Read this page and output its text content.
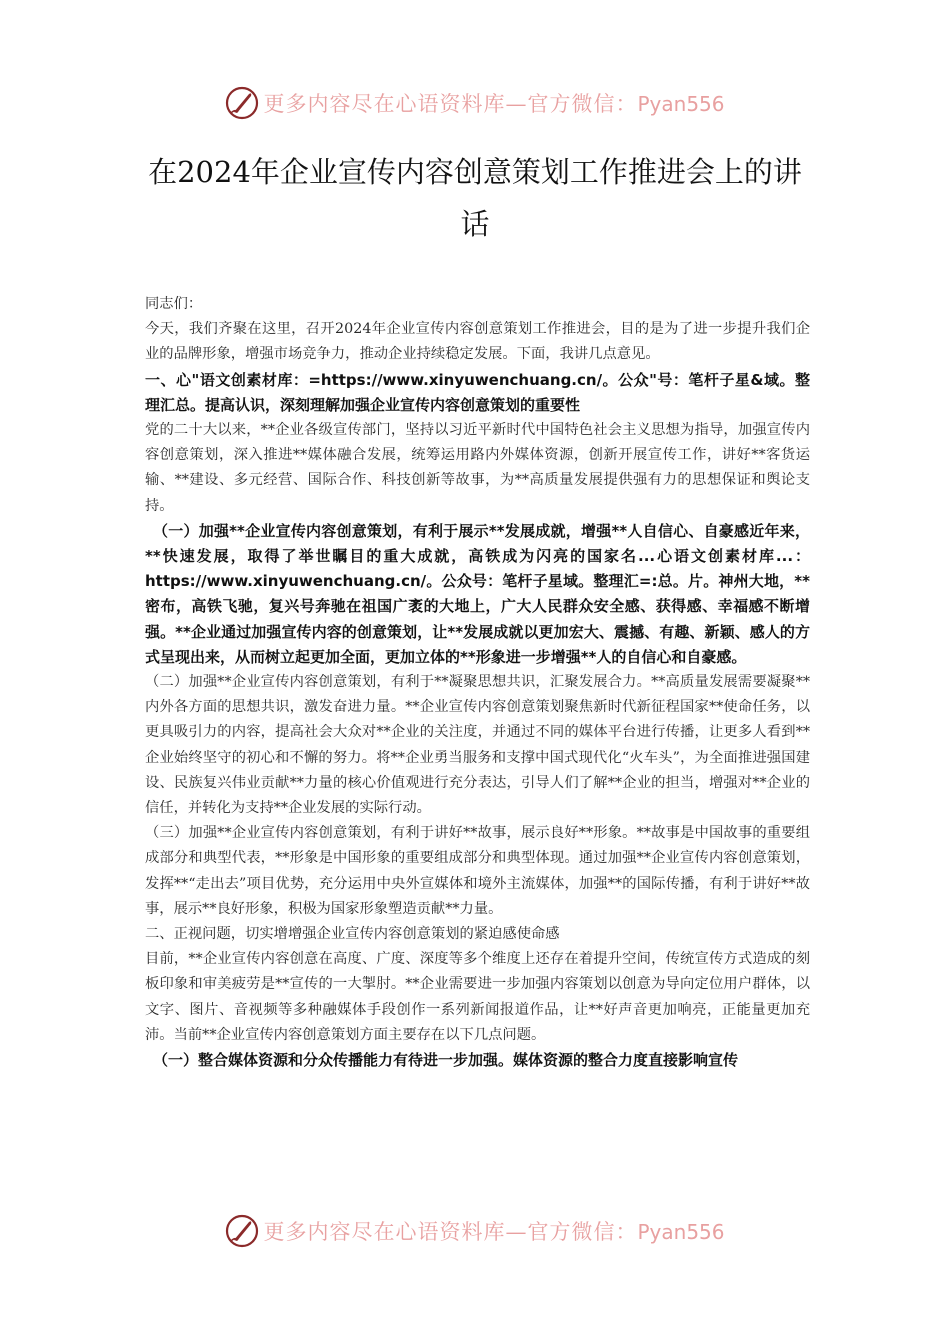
更多内容尽在心语资料库—官方微信：Pyan556
在2024年企业宣传内容创意策划工作推进会上的讲话

同志们：

今天，我们齐聚在这里，召开2024年企业宣传内容创意策划工作推进会，目的是为了进一步提升我们企业的品牌形象，增强市场竞争力，推动企业持续稳定发展。下面，我讲几点意见。

一、心"语文创素材库：=https://www.xinyuwenchuang.cn/。公众"号：笔杆子星&域。整理汇总。提高认识，深刻理解加强企业宣传内容创意策划的重要性

党的二十大以来，**企业各级宣传部门，坚持以习近平新时代中国特色社会主义思想为指导，加强宣传内容创意策划，深入推进**媒体融合发展，统筹运用路内外媒体资源，创新开展宣传工作，讲好**客货运输、**建设、多元经营、国际合作、科技创新等故事，为**高质量发展提供强有力的思想保证和舆论支持。

（一）加强**企业宣传内容创意策划，有利于展示**发展成就，增强**人自信心、自豪感近年来，**快速发展，取得了举世瞩目的重大成就，高铁成为闪亮的国家名...心语文创素材库...：https://www.xinyuwenchuang.cn/。公众号：笔杆子星域。整理汇=:总。片。神州大地，**密布，高铁飞驰，复兴号奔驰在祖国广袤的大地上，广大人民群众安全感、获得感、幸福感不断增强。**企业通过加强宣传内容的创意策划，让**发展成就以更加宏大、震撼、有趣、新颖、感人的方式呈现出来，从而树立起更加全面，更加立体的**形象进一步增强**人的自信心和自豪感。

（二）加强**企业宣传内容创意策划，有利于**凝聚思想共识，汇聚发展合力。**高质量发展需要凝聚**内外各方面的思想共识，激发奋进力量。**企业宣传内容创意策划聚焦新时代新征程国家**使命任务，以更具吸引力的内容，提高社会大众对**企业的关注度，并通过不同的媒体平台进行传播，让更多人看到**企业始终坚守的初心和不懈的努力。将**企业勇当服务和支撑中国式现代化“火车头”，为全面推进强国建设、民族复兴伟业贡献**力量的核心价值观进行充分表达，引导人们了解**企业的担当，增强对**企业的信任，并转化为支持**企业发展的实际行动。

（三）加强**企业宣传内容创意策划，有利于讲好**故事，展示良好**形象。**故事是中国故事的重要组成部分和典型代表，**形象是中国形象的重要组成部分和典型体现。通过加强**企业宣传内容创意策划，发挥**“走出去”项目优势，充分运用中央外宣媒体和境外主流媒体，加强**的国际传播，有利于讲好**故事，展示**良好形象，积极为国家形象塑造贡献**力量。

二、正视问题，切实增增强企业宣传内容创意策划的紧迫感使命感

目前，**企业宣传内容创意在高度、广度、深度等多个维度上还存在着提升空间，传统宣传方式造成的刻板印象和审美疲劳是**宣传的一大掣肘。**企业需要进一步加强内容策划以创意为导向定位用户群体，以文字、图片、音视频等多种融媒体手段创作一系列新闻报道作品，让**好声音更加响亮，正能量更加充沛。当前**企业宣传内容创意策划方面主要存在以下几点问题。

（一）整合媒体资源和分众传播能力有待进一步加强。媒体资源的整合力度直接影响宣传

更多内容尽在心语资料库—官方微信：Pyan556
